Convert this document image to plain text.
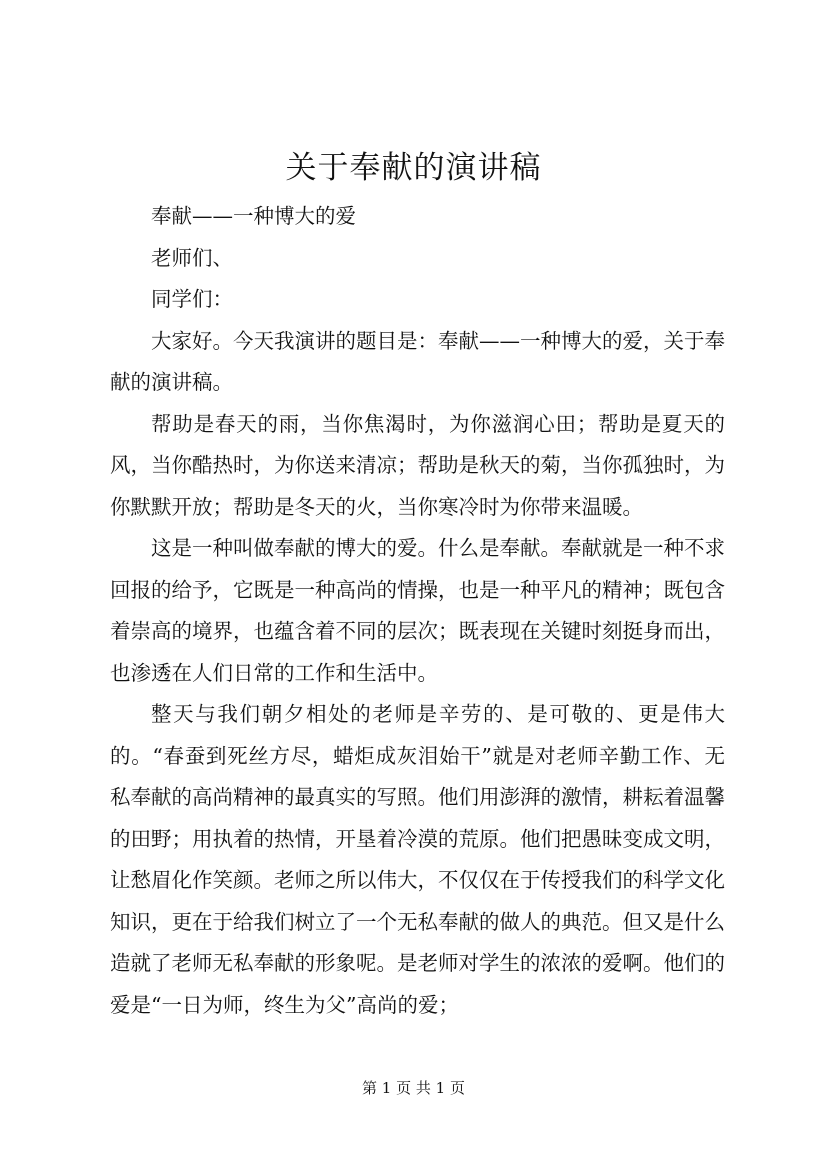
关于奉献的演讲稿

奉献——一种博大的爱

老师们、

同学们：

大家好。今天我演讲的题目是：奉献——一种博大的爱，关于奉献的演讲稿。

帮助是春天的雨，当你焦渴时，为你滋润心田；帮助是夏天的风，当你酷热时，为你送来清凉；帮助是秋天的菊，当你孤独时，为你默默开放；帮助是冬天的火，当你寒冷时为你带来温暖。

这是一种叫做奉献的博大的爱。什么是奉献。奉献就是一种不求回报的给予，它既是一种高尚的情操，也是一种平凡的精神；既包含着崇高的境界，也蕴含着不同的层次；既表现在关键时刻挺身而出，也渗透在人们日常的工作和生活中。

整天与我们朝夕相处的老师是辛劳的、是可敬的、更是伟大的。“春蚕到死丝方尽，蜡炬成灰泪始干”就是对老师辛勤工作、无私奉献的高尚精神的最真实的写照。他们用澎湃的激情，耕耘着温馨的田野；用执着的热情，开垦着冷漠的荒原。他们把愚昧变成文明，让愁眉化作笑颜。老师之所以伟大，不仅仅在于传授我们的科学文化知识，更在于给我们树立了一个无私奉献的做人的典范。但又是什么造就了老师无私奉献的形象呢。是老师对学生的浓浓的爱啊。他们的爱是“一日为师，终生为父”高尚的爱；

第 1 页 共 1 页
